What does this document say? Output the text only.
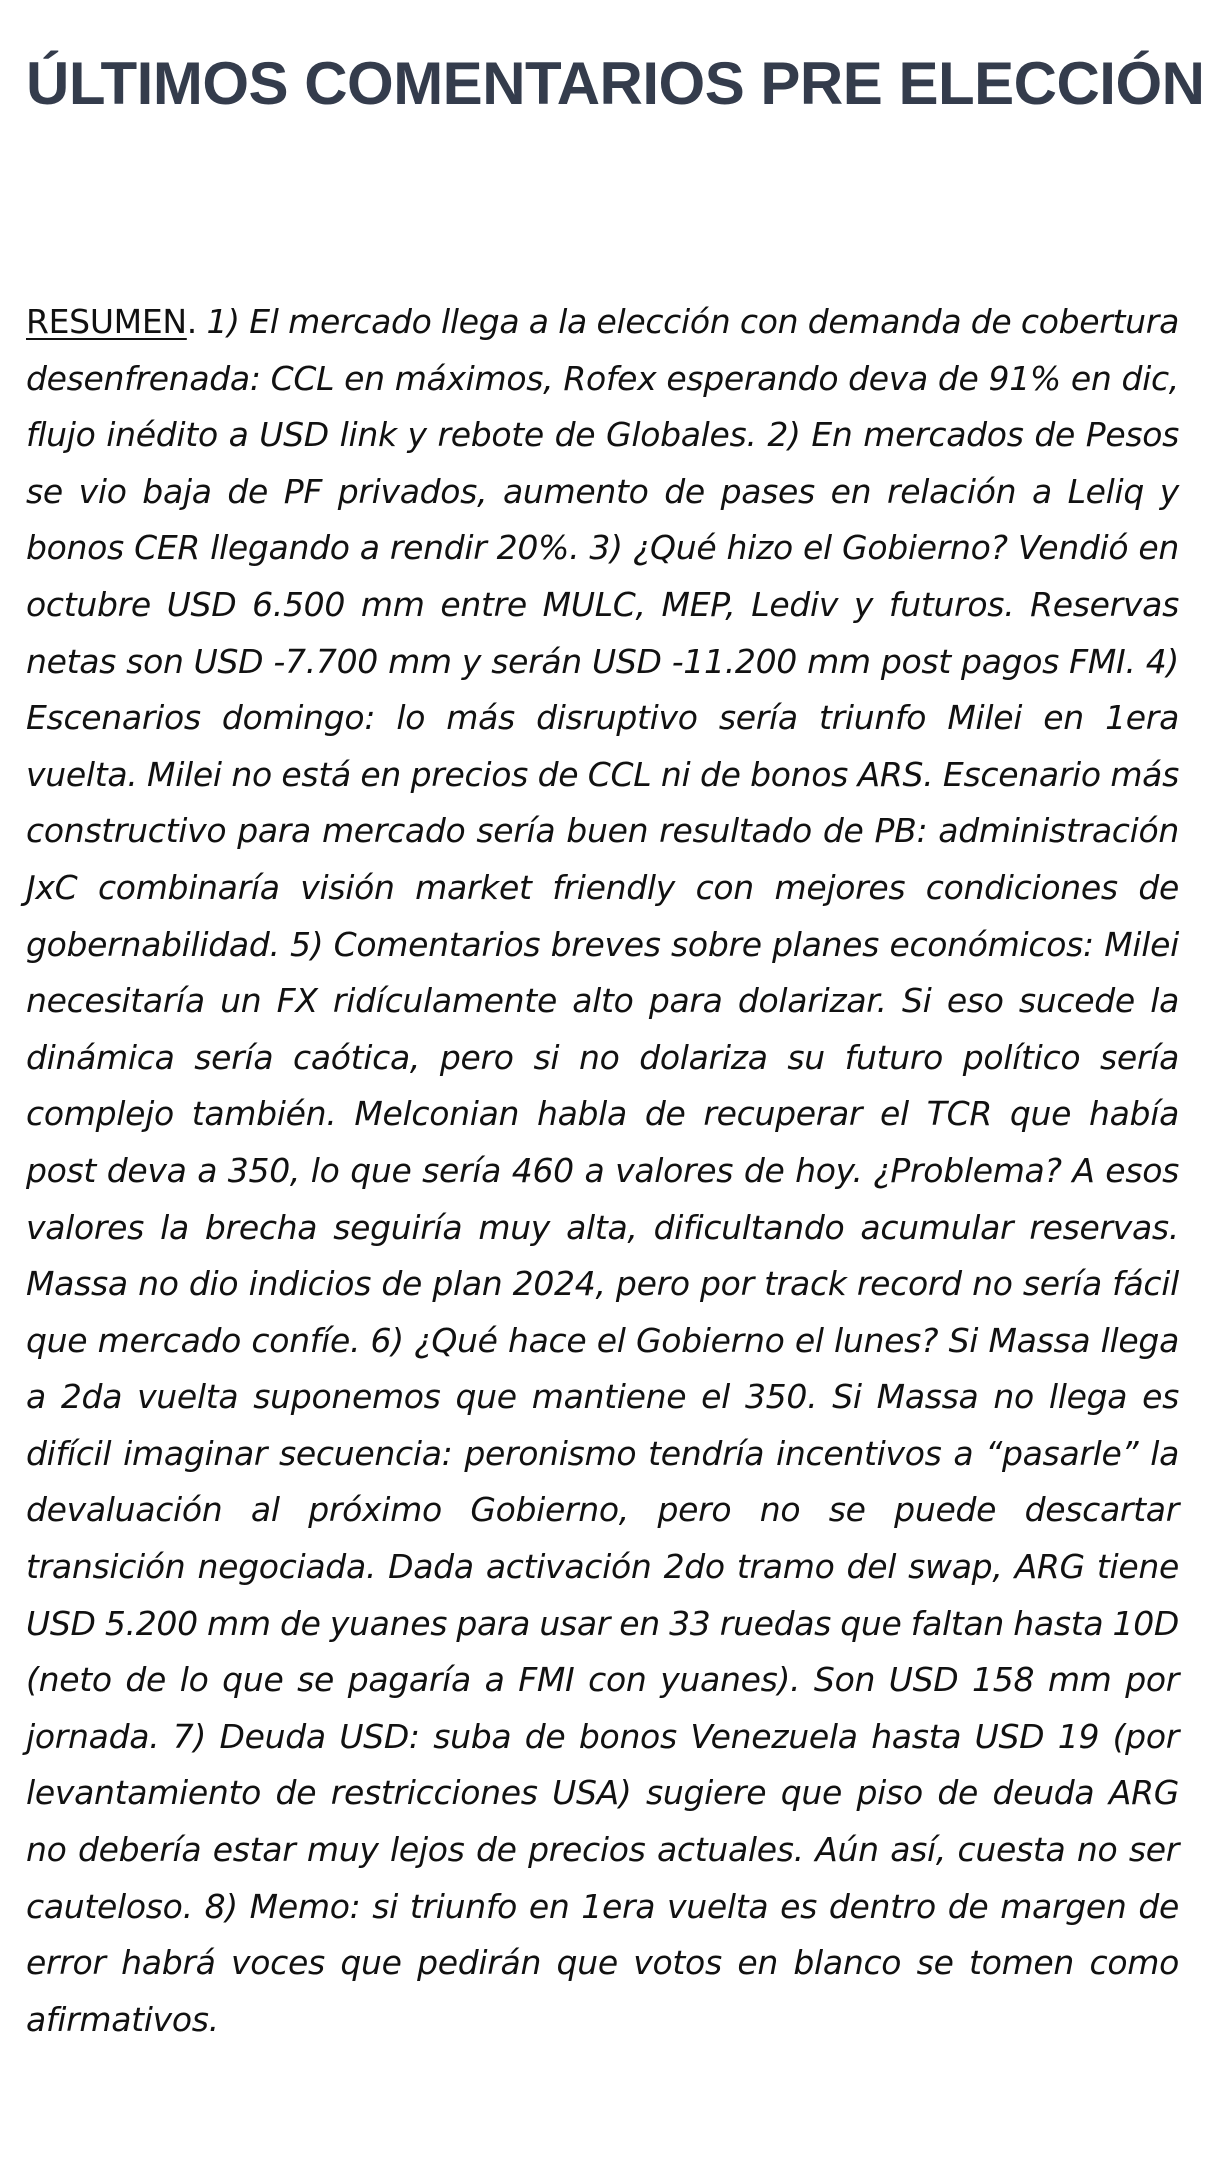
ÚLTIMOS COMENTARIOS PRE ELECCIÓN

RESUMEN. 1) El mercado llega a la elección con demanda de cobertura desenfrenada: CCL en máximos, Rofex esperando deva de 91% en dic, flujo inédito a USD link y rebote de Globales. 2) En mercados de Pesos se vio baja de PF privados, aumento de pases en relación a Leliq y bonos CER llegando a rendir 20%. 3) ¿Qué hizo el Gobierno? Vendió en octubre USD 6.500 mm entre MULC, MEP, Lediv y futuros. Reservas netas son USD -7.700 mm y serán USD -11.200 mm post pagos FMI. 4) Escenarios domingo: lo más disruptivo sería triunfo Milei en 1era vuelta. Milei no está en precios de CCL ni de bonos ARS. Escenario más constructivo para mercado sería buen resultado de PB: administración JxC combinaría visión market friendly con mejores condiciones de gobernabilidad. 5) Comentarios breves sobre planes económicos: Milei necesitaría un FX ridículamente alto para dolarizar. Si eso sucede la dinámica sería caótica, pero si no dolariza su futuro político sería complejo también. Melconian habla de recuperar el TCR que había post deva a 350, lo que sería 460 a valores de hoy. ¿Problema? A esos valores la brecha seguiría muy alta, dificultando acumular reservas. Massa no dio indicios de plan 2024, pero por track record no sería fácil que mercado confíe. 6) ¿Qué hace el Gobierno el lunes? Si Massa llega a 2da vuelta suponemos que mantiene el 350. Si Massa no llega es difícil imaginar secuencia: peronismo tendría incentivos a “pasarle” la devaluación al próximo Gobierno, pero no se puede descartar transición negociada. Dada activación 2do tramo del swap, ARG tiene USD 5.200 mm de yuanes para usar en 33 ruedas que faltan hasta 10D (neto de lo que se pagaría a FMI con yuanes). Son USD 158 mm por jornada. 7) Deuda USD: suba de bonos Venezuela hasta USD 19 (por levantamiento de restricciones USA) sugiere que piso de deuda ARG no debería estar muy lejos de precios actuales. Aún así, cuesta no ser cauteloso. 8) Memo: si triunfo en 1era vuelta es dentro de margen de error habrá voces que pedirán que votos en blanco se tomen como afirmativos.
